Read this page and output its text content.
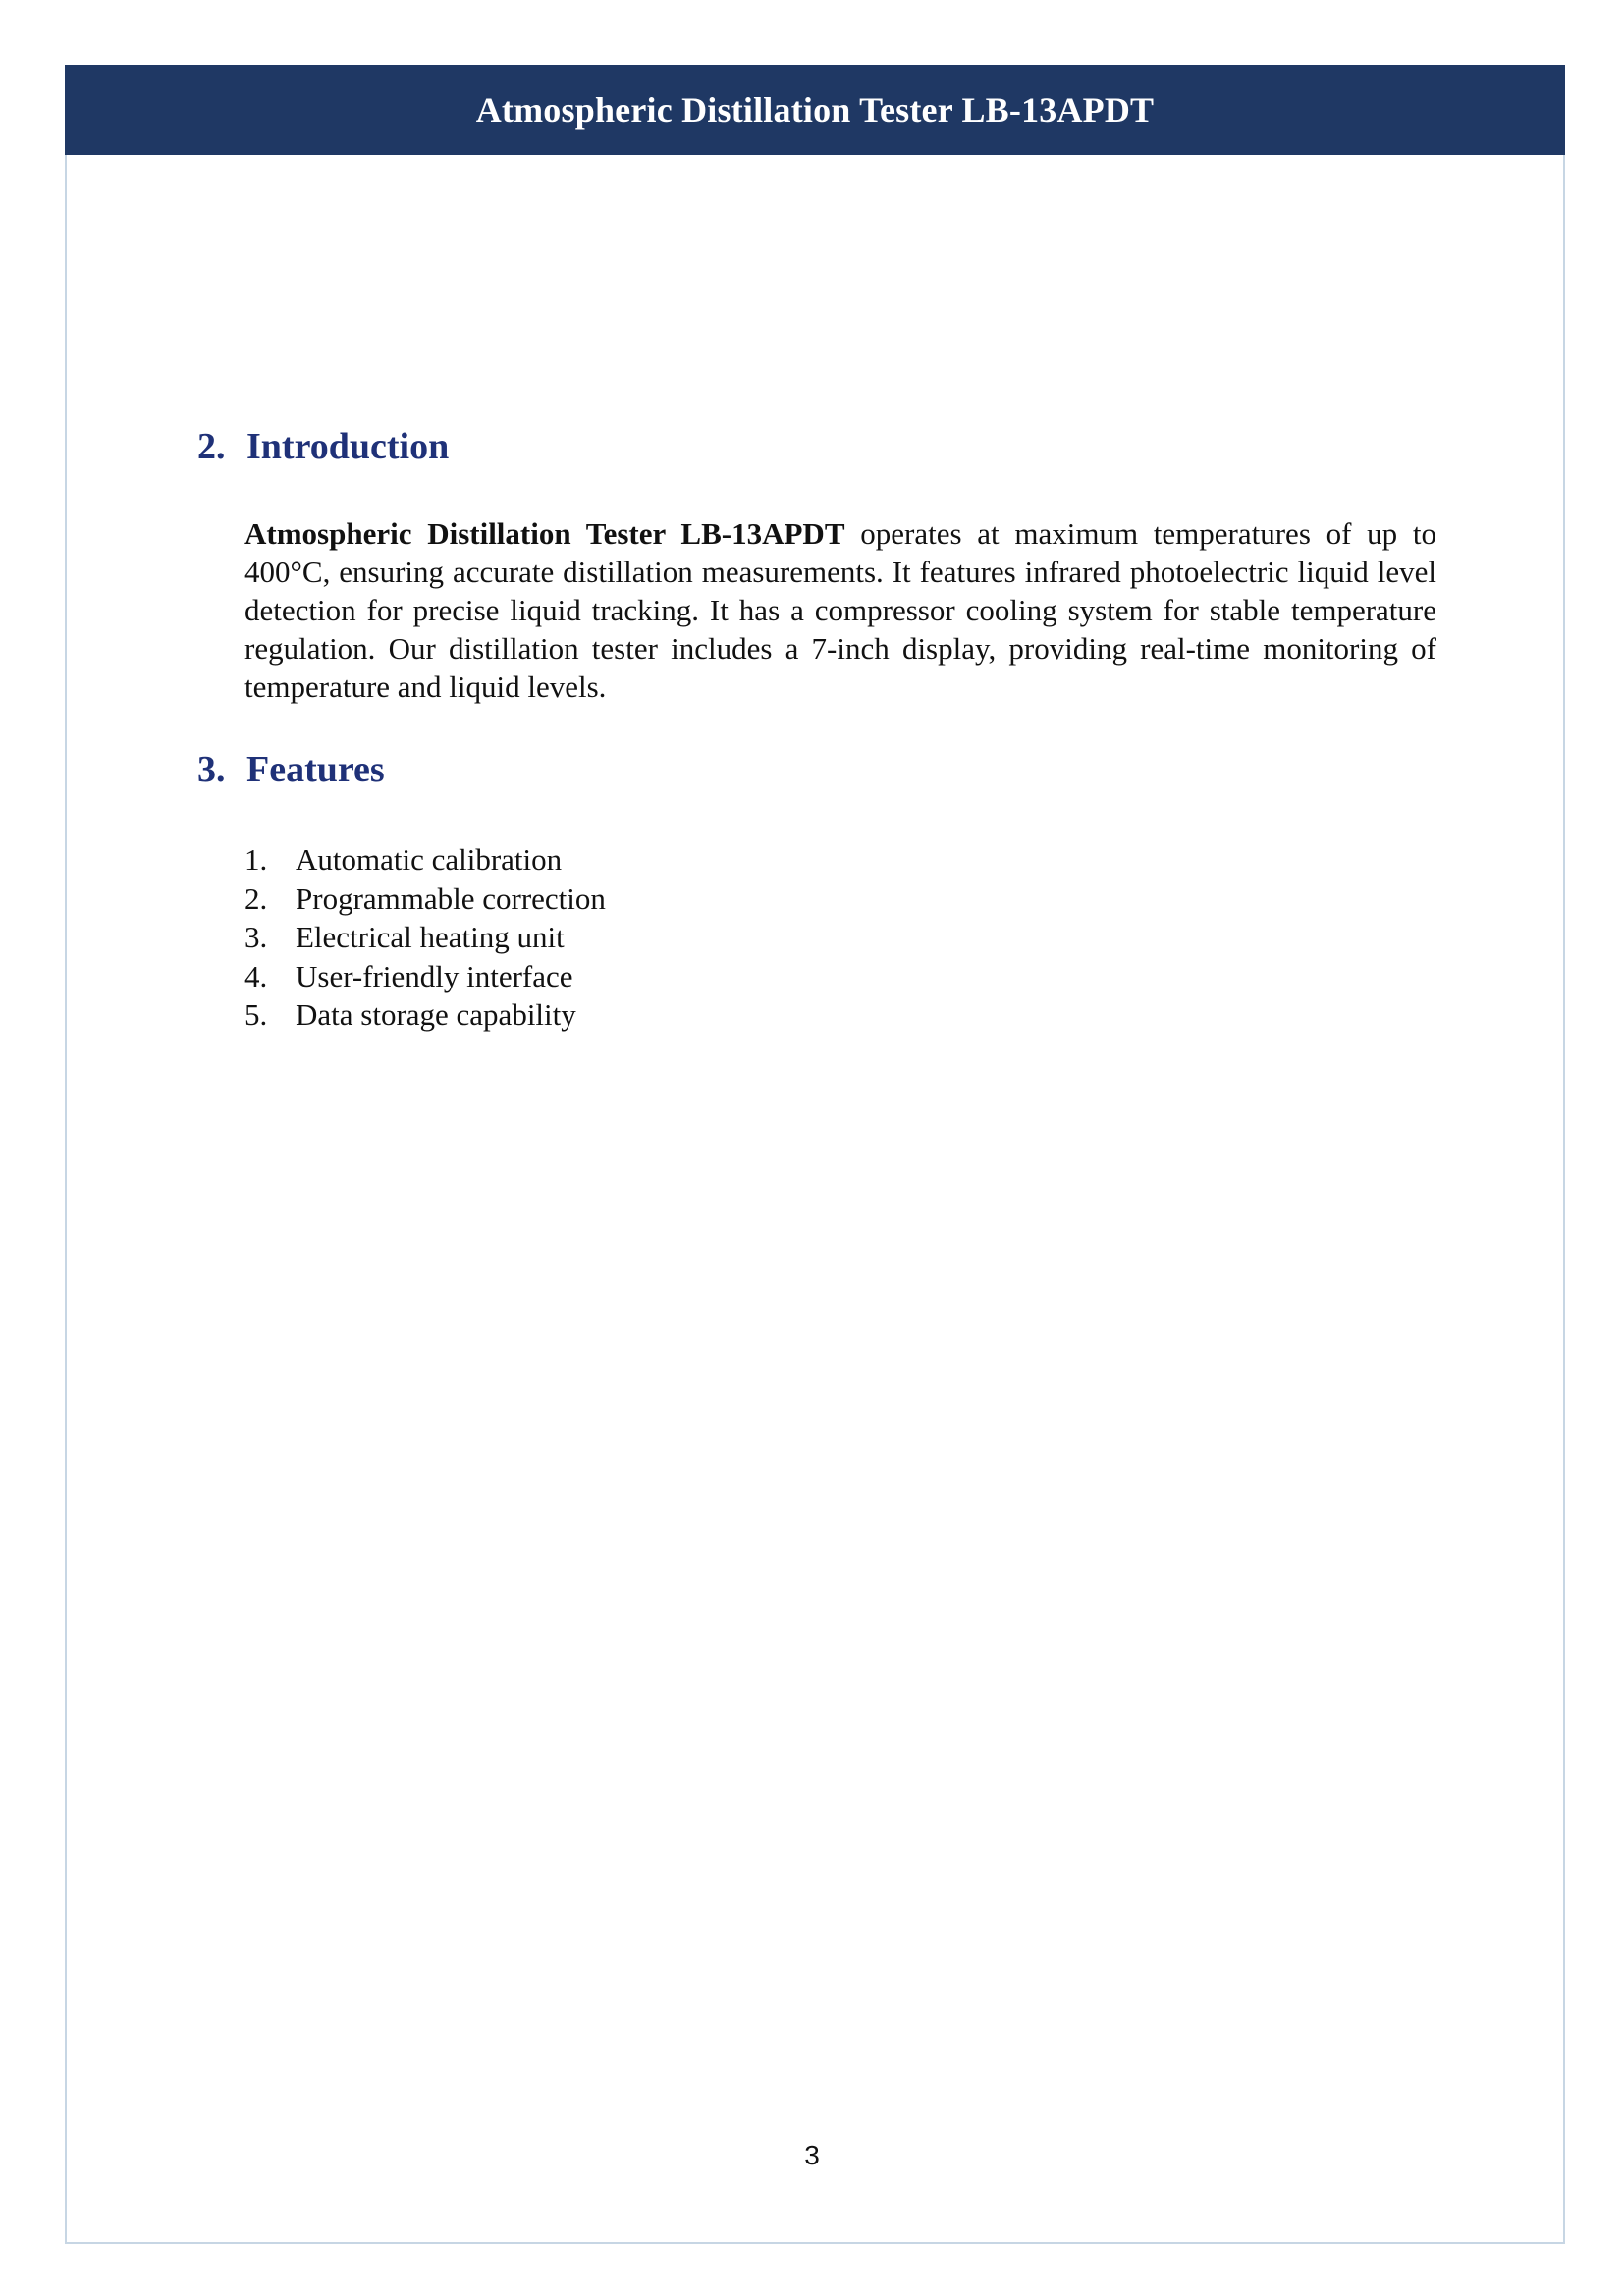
Atmospheric Distillation Tester LB-13APDT
2. Introduction

Atmospheric Distillation Tester LB-13APDT operates at maximum temperatures of up to 400°C, ensuring accurate distillation measurements. It features infrared photoelectric liquid level detection for precise liquid tracking. It has a compressor cooling system for stable temperature regulation. Our distillation tester includes a 7-inch display, providing real-time monitoring of temperature and liquid levels.

3. Features
1. Automatic calibration
2. Programmable correction
3. Electrical heating unit
4. User-friendly interface
5. Data storage capability
3
